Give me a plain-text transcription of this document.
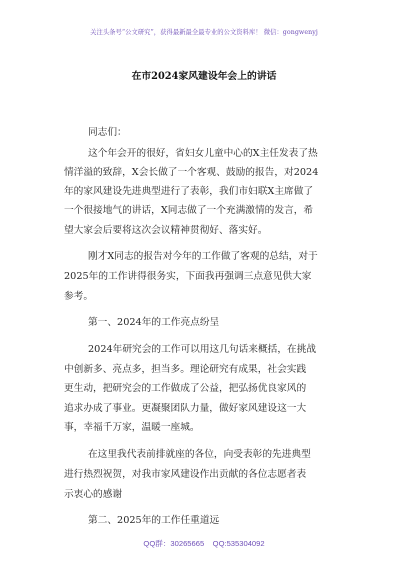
关注头条号“公文研究”，获得最新最全最专业的公文资料库！ 微信：gongwenyj
在市2024家风建设年会上的讲话
同志们：
这个年会开的很好，省妇女儿童中心的X主任发表了热
情洋溢的致辞，X会长做了一个客观、鼓励的报告，对2024
年的家风建设先进典型进行了表彰，我们市妇联X主席做了
一个很接地气的讲话，X同志做了一个充满激情的发言，希
望大家会后要将这次会议精神贯彻好、落实好。
刚才X同志的报告对今年的工作做了客观的总结，对于
2025年的工作讲得很务实，下面我再强调三点意见供大家
参考。
第一、2024年的工作亮点纷呈
2024年研究会的工作可以用这几句话来概括，在挑战
中创新多、亮点多，担当多。理论研究有成果，社会实践
更生动，把研究会的工作做成了公益，把弘扬优良家风的
追求办成了事业。更凝聚团队力量，做好家风建设这一大
事，幸福千万家，温暖一座城。
在这里我代表前排就座的各位，向受表彰的先进典型
进行热烈祝贺，对我市家风建设作出贡献的各位志愿者表
示衷心的感谢
第二、2025年的工作任重道远
QQ群：30265665 QQ:535304092
